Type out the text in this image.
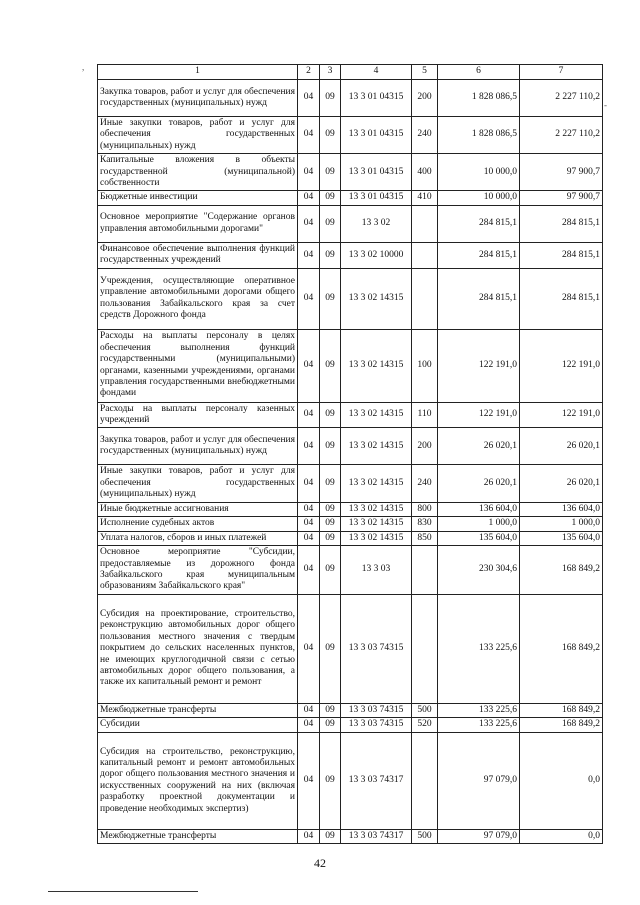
1	2	3	4	5	6	7
Закупка товаров, работ и услуг для обеспечения государственных (муниципальных) нужд	04	09	13 3 01 04315	200	1 828 086,5	2 227 110,2
Иные закупки товаров, работ и услуг для обеспечения государственных (муниципальных) нужд	04	09	13 3 01 04315	240	1 828 086,5	2 227 110,2
Капитальные вложения в объекты государственной (муниципальной) собственности	04	09	13 3 01 04315	400	10 000,0	97 900,7
Бюджетные инвестиции	04	09	13 3 01 04315	410	10 000,0	97 900,7
Основное мероприятие "Содержание органов управления автомобильными дорогами"	04	09	13 3 02		284 815,1	284 815,1
Финансовое обеспечение выполнения функций государственных учреждений	04	09	13 3 02 10000		284 815,1	284 815,1
Учреждения, осуществляющие оперативное управление автомобильными дорогами общего пользования Забайкальского края за счет средств Дорожного фонда	04	09	13 3 02 14315		284 815,1	284 815,1
Расходы на выплаты персоналу в целях обеспечения выполнения функций государственными (муниципальными) органами, казенными учреждениями, органами управления государственными внебюджетными фондами	04	09	13 3 02 14315	100	122 191,0	122 191,0
Расходы на выплаты персоналу казенных учреждений	04	09	13 3 02 14315	110	122 191,0	122 191,0
Закупка товаров, работ и услуг для обеспечения государственных (муниципальных) нужд	04	09	13 3 02 14315	200	26 020,1	26 020,1
Иные закупки товаров, работ и услуг для обеспечения государственных (муниципальных) нужд	04	09	13 3 02 14315	240	26 020,1	26 020,1
Иные бюджетные ассигнования	04	09	13 3 02 14315	800	136 604,0	136 604,0
Исполнение судебных актов	04	09	13 3 02 14315	830	1 000,0	1 000,0
Уплата налогов, сборов и иных платежей	04	09	13 3 02 14315	850	135 604,0	135 604,0
Основное мероприятие "Субсидии, предоставляемые из дорожного фонда Забайкальского края муниципальным образованиям Забайкальского края"	04	09	13 3 03		230 304,6	168 849,2
Субсидия на проектирование, строительство, реконструкцию автомобильных дорог общего пользования местного значения с твердым покрытием до сельских населенных пунктов, не имеющих круглогодичной связи с сетью автомобильных дорог общего пользования, а также их капитальный ремонт и ремонт	04	09	13 3 03 74315		133 225,6	168 849,2
Межбюджетные трансферты	04	09	13 3 03 74315	500	133 225,6	168 849,2
Субсидии	04	09	13 3 03 74315	520	133 225,6	168 849,2
Субсидия на строительство, реконструкцию, капитальный ремонт и ремонт автомобильных дорог общего пользования местного значения и искусственных сооружений на них (включая разработку проектной документации и проведение необходимых экспертиз)	04	09	13 3 03 74317		97 079,0	0,0
Межбюджетные трансферты	04	09	13 3 03 74317	500	97 079,0	0,0
,
-
42
